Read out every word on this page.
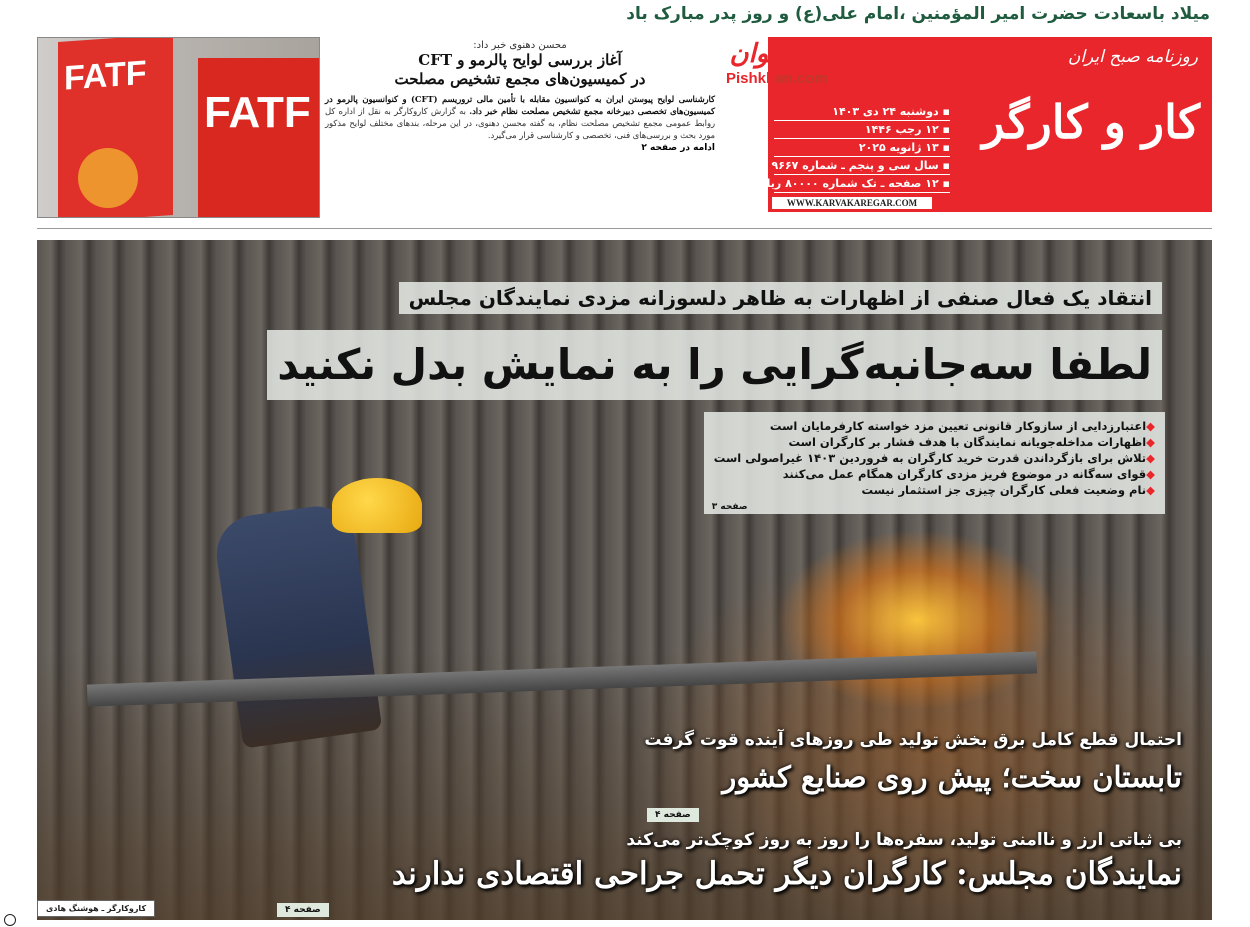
میلاد باسعادت حضرت امیر المؤمنین ،امام علی(ع) و روز پدر مبارک باد
پیشخوان
Pishkhan.com
روزنامه صبح ایران
کار و کارگر
▪ دوشنبه ۲۴ دی ۱۴۰۳
▪ ۱۲ رجب ۱۴۴۶
▪ ۱۳ ژانویه ۲۰۲۵
▪ سال سی و پنجم ـ شماره ۹۶۶۷
▪ ۱۲ صفحه ـ تک شماره ۸۰۰۰۰ ریال
WWW.KARVAKAREGAR.COM
FATF
FATF
محسن دهنوی خبر داد:
آغاز بررسی لوایح پالرمو و CFT
در کمیسیون‌های مجمع تشخیص مصلحت
کارشناسی لوایح پیوستن ایران به کنوانسیون مقابله با تأمین مالی تروریسم (CFT) و کنوانسیون پالرمو در کمیسیون‌های تخصصی دبیرخانه مجمع تشخیص مصلحت نظام خبر داد. به گزارش کاروکارگر به نقل از اداره کل روابط عمومی مجمع تشخیص مصلحت نظام، به گفته محسن دهنوی، در این مرحله، بندهای مختلف لوایح مذکور مورد بحث و بررسی‌های فنی، تخصصی و کارشناسی قرار می‌گیرد.
ادامه در صفحه ۲
انتقاد یک فعال صنفی از اظهارات به ظاهر دلسوزانه مزدی نمایندگان مجلس
لطفا سه‌جانبه‌گرایی را به نمایش بدل نکنید
◆اعتبارزدایی از سازوکار قانونی تعیین مزد خواسته کارفرمایان است
◆اظهارات مداخله‌جویانه نمایندگان با هدف فشار بر کارگران است
◆تلاش برای بازگرداندن قدرت خرید کارگران به فروردین ۱۴۰۳ غیراصولی است
◆قوای سه‌گانه در موضوع فریز مزدی کارگران همگام عمل می‌کنند
◆نام وضعیت فعلی کارگران چیزی جز استثمار نیست
صفحه ۳
احتمال قطع کامل برق بخش تولید طی روزهای آینده قوت گرفت
تابستان سخت؛ پیش روی صنایع کشور
صفحه ۴
بی ثباتی ارز و ناامنی تولید، سفره‌ها را روز به روز کوچک‌تر می‌کند
نمایندگان مجلس: کارگران دیگر تحمل جراحی اقتصادی ندارند
صفحه ۴
کاروکارگر ـ هوشنگ هادی
